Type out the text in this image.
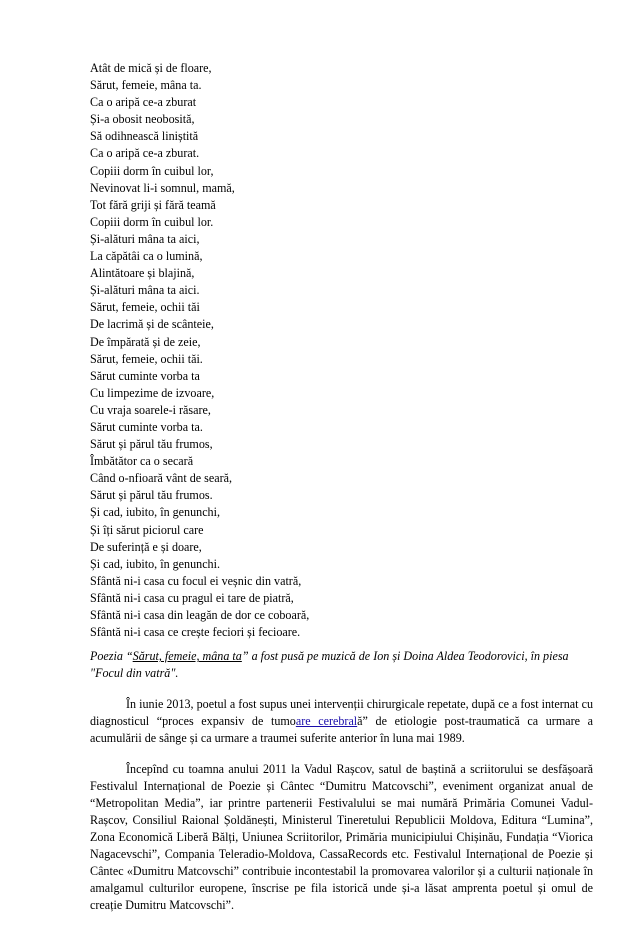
Atât de mică și de floare,
Sărut, femeie, mâna ta.
Ca o aripă ce-a zburat
Și-a obosit neobosită,
Să odihnească liniștită
Ca o aripă ce-a zburat.
Copiii dorm în cuibul lor,
Nevinovat li-i somnul, mamă,
Tot fără griji și fără teamă
Copiii dorm în cuibul lor.
Și-alături mâna ta aici,
La căpătâi ca o lumină,
Alintătoare și blajină,
Și-alături mâna ta aici.
Sărut, femeie, ochii tăi
De lacrimă și de scânteie,
De împărată și de zeie,
Sărut, femeie, ochii tăi.
Sărut cuminte vorba ta
Cu limpezime de izvoare,
Cu vraja soarele-i răsare,
Sărut cuminte vorba ta.
Sărut și părul tău frumos,
Îmbătător ca o secară
Când o-nfioară vânt de seară,
Sărut și părul tău frumos.
Și cad, iubito, în genunchi,
Și îți sărut piciorul care
De suferință e și doare,
Și cad, iubito, în genunchi.
Sfântă ni-i casa cu focul ei veșnic din vatră,
Sfântă ni-i casa cu pragul ei tare de piatră,
Sfântă ni-i casa din leagăn de dor ce coboară,
Sfântă ni-i casa ce crește feciori și fecioare.

Poezia “Sărut, femeie, mâna ta” a fost pusă pe muzică de Ion și Doina Aldea Teodorovici, în piesa "Focul din vatră".

În iunie 2013, poetul a fost supus unei intervenții chirurgicale repetate, după ce a fost internat cu diagnosticul “proces expansiv de tumoare cerebrală” de etiologie post-traumatică ca urmare a acumulării de sânge și ca urmare a traumei suferite anterior în luna mai 1989.

Începînd cu toamna anului 2011 la Vadul Rașcov, satul de baștină a scriitorului se desfășoară Festivalul Internațional de Poezie și Cântec “Dumitru Matcovschi”, eveniment organizat anual de “Metropolitan Media”, iar printre partenerii Festivalului se mai numără Primăria Comunei Vadul-Rașcov, Consiliul Raional Șoldănești, Ministerul Tineretului Republicii Moldova, Editura “Lumina”, Zona Economică Liberă Bălți, Uniunea Scriitorilor, Primăria municipiului Chișinău, Fundația “Viorica Nagacevschi”, Compania Teleradio-Moldova, CassaRecords etc. Festivalul Internațional de Poezie și Cântec «Dumitru Matcovschi” contribuie incontestabil la promovarea valorilor și a culturii naționale în amalgamul culturilor europene, înscrise pe fila istorică unde și-a lăsat amprenta poetul și omul de creație Dumitru Matcovschi”.
